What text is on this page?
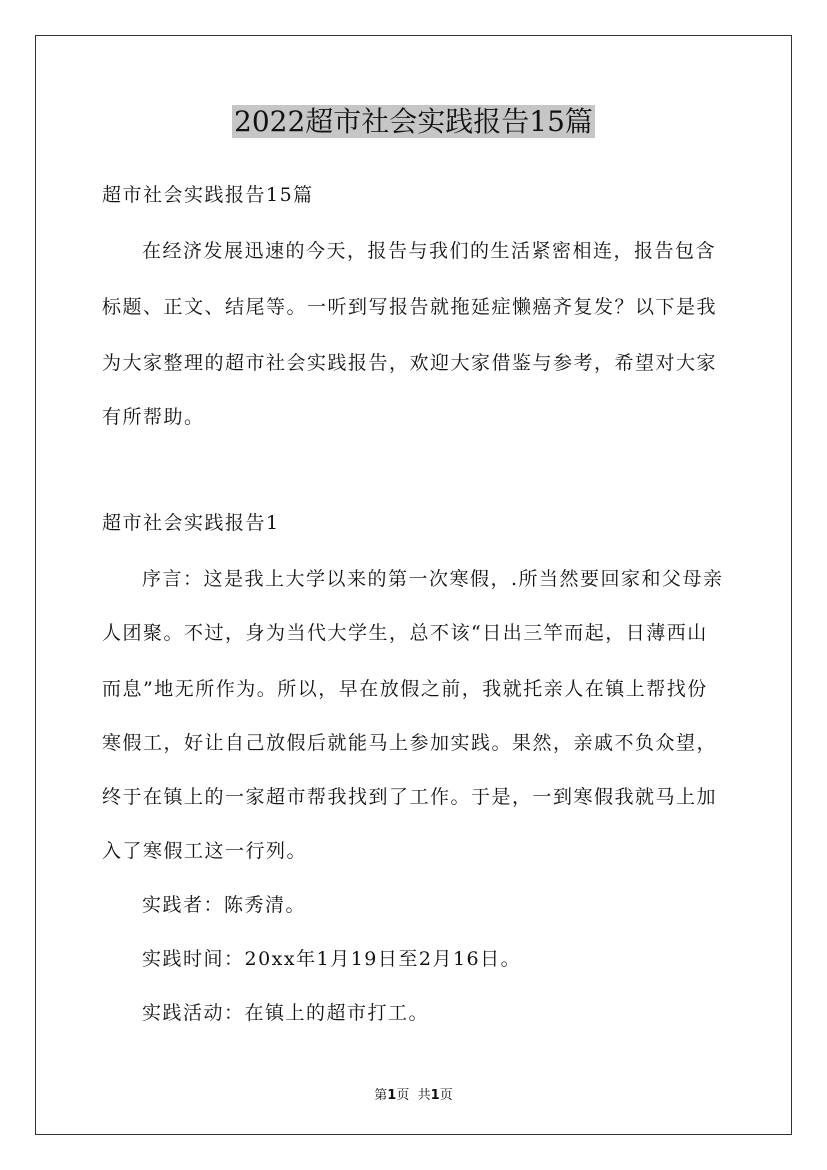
2022超市社会实践报告15篇
超市社会实践报告15篇
在经济发展迅速的今天，报告与我们的生活紧密相连，报告包含
标题、正文、结尾等。一听到写报告就拖延症懒癌齐复发？以下是我
为大家整理的超市社会实践报告，欢迎大家借鉴与参考，希望对大家
有所帮助。
超市社会实践报告1
序言：这是我上大学以来的第一次寒假，.所当然要回家和父母亲
人团聚。不过，身为当代大学生，总不该“日出三竿而起，日薄西山
而息”地无所作为。所以，早在放假之前，我就托亲人在镇上帮找份
寒假工，好让自己放假后就能马上参加实践。果然，亲戚不负众望，
终于在镇上的一家超市帮我找到了工作。于是，一到寒假我就马上加
入了寒假工这一行列。
实践者：陈秀清。
实践时间：20xx年1月19日至2月16日。
实践活动：在镇上的超市打工。
第1页 共1页
